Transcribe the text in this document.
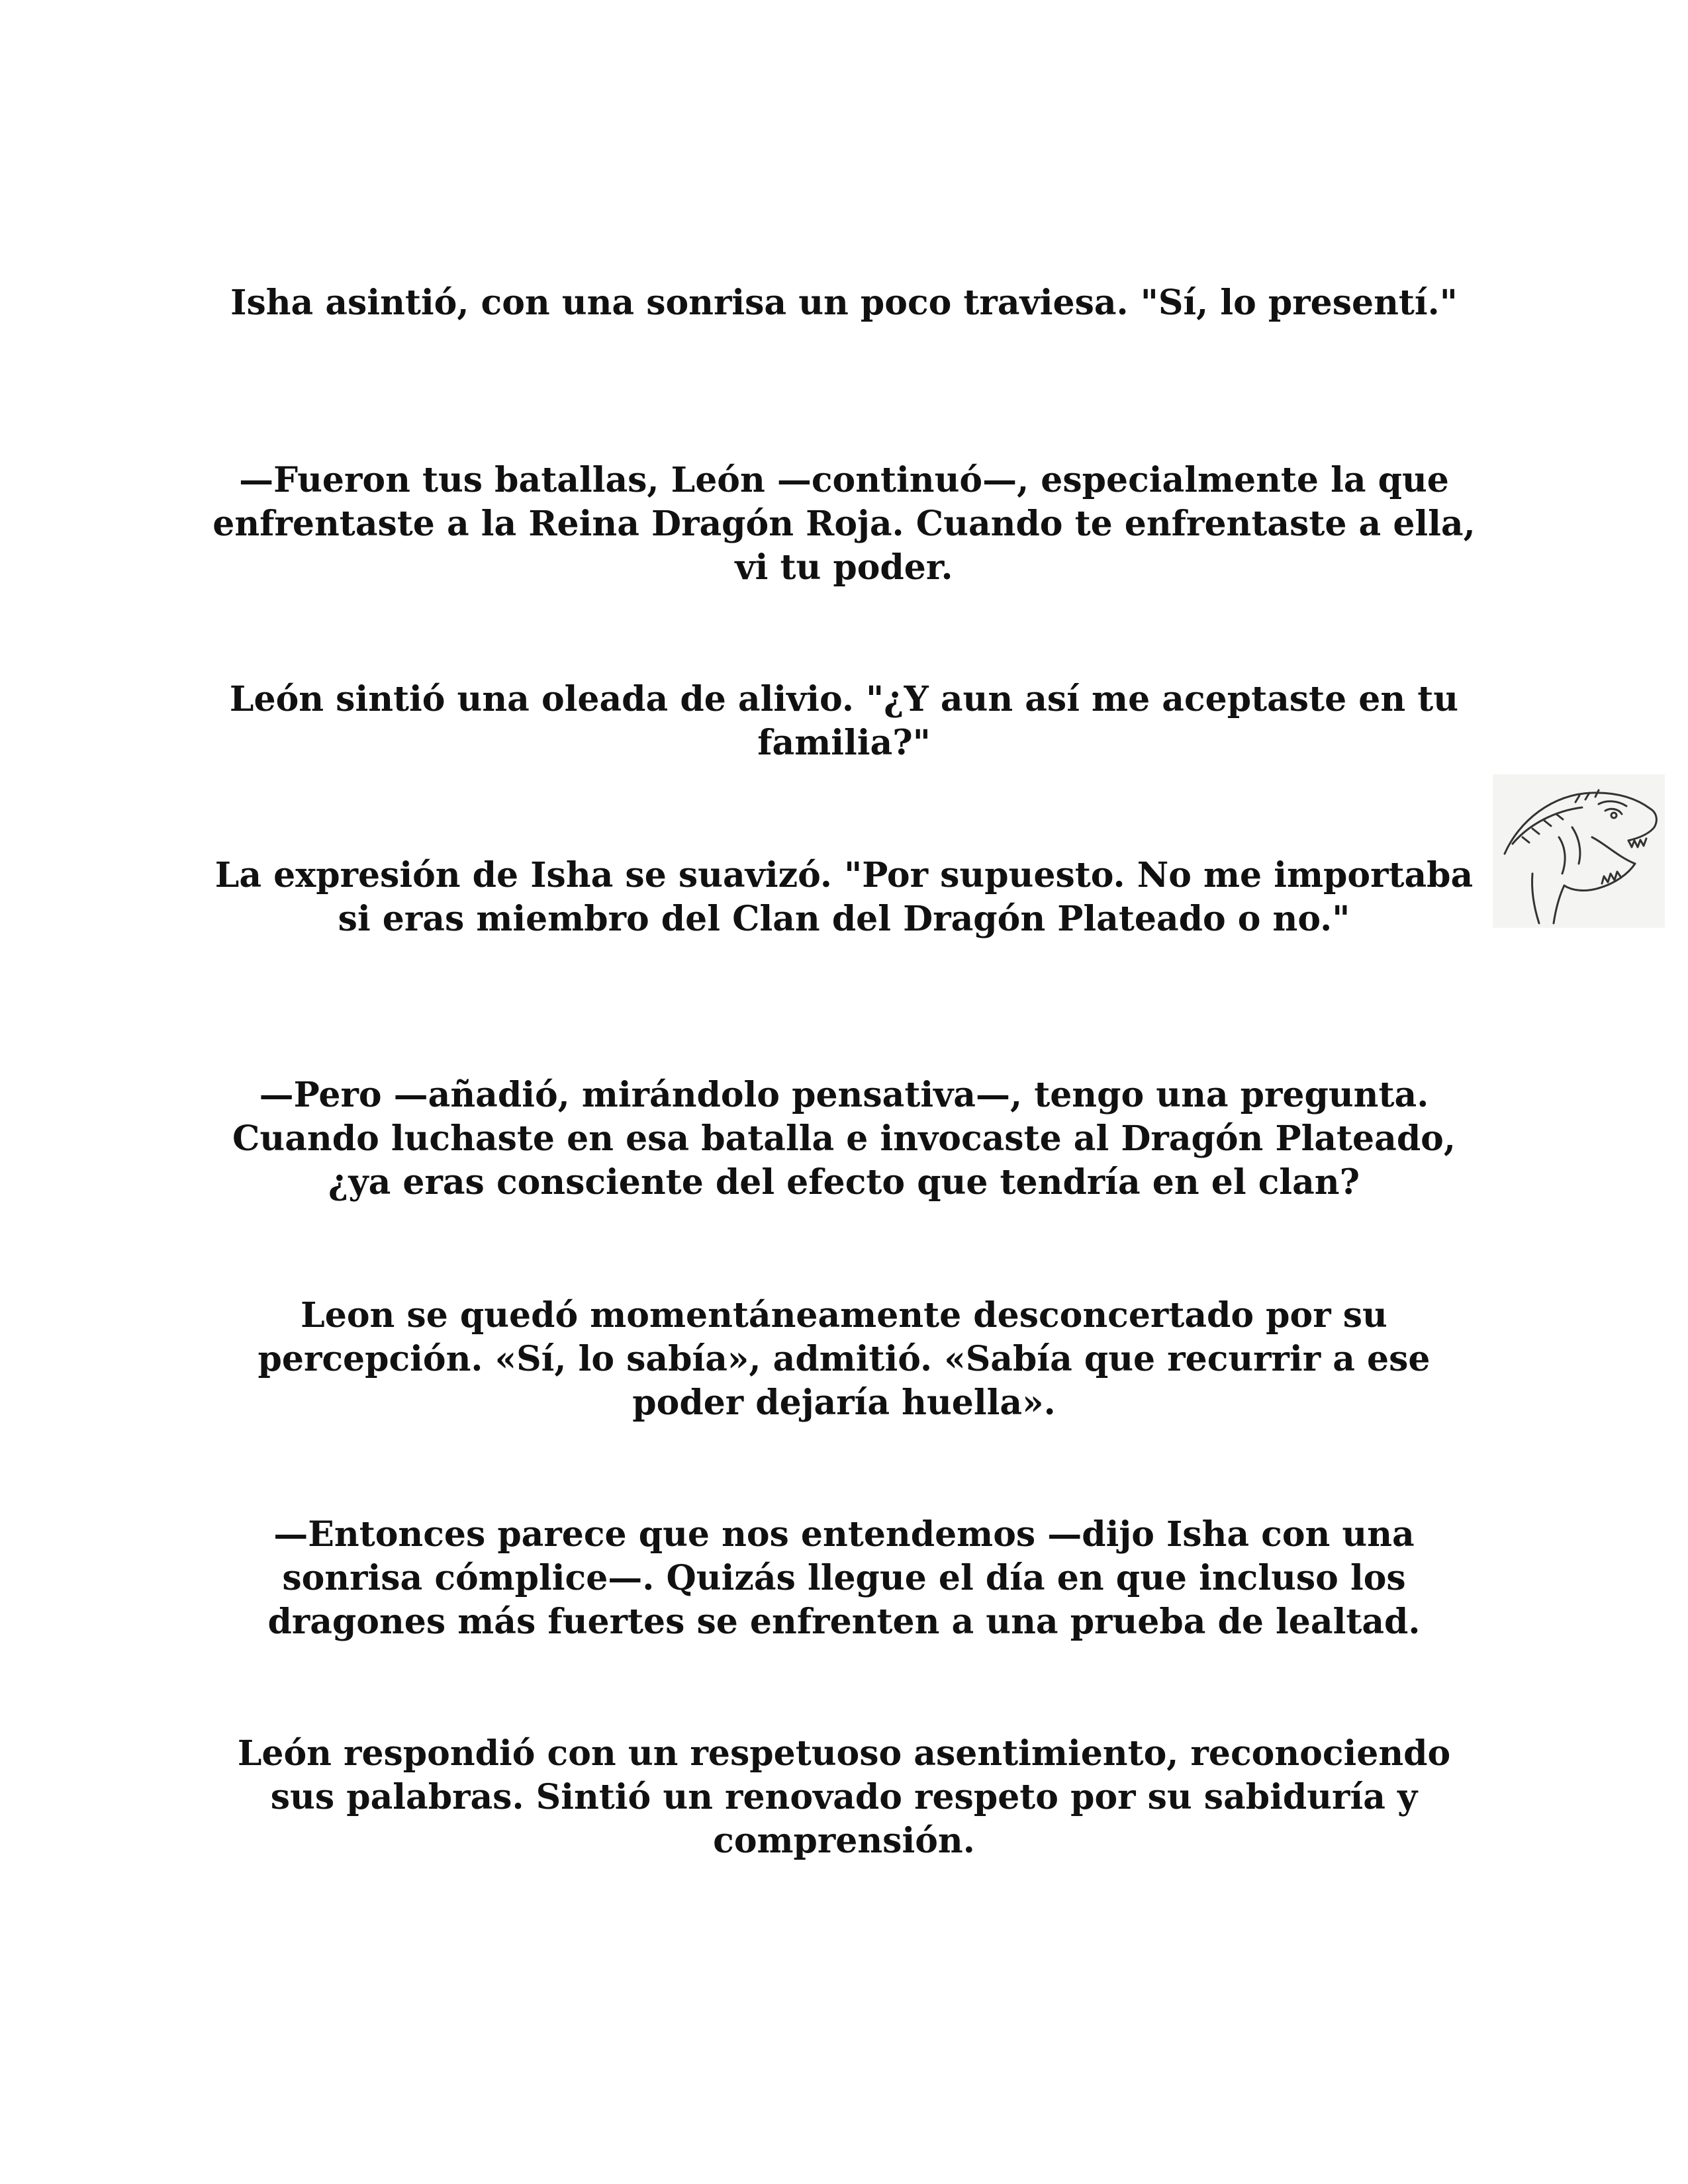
Isha asintió, con una sonrisa un poco traviesa. "Sí, lo presentí."

—Fueron tus batallas, León —continuó—, especialmente la que enfrentaste a la Reina Dragón Roja. Cuando te enfrentaste a ella, vi tu poder.

León sintió una oleada de alivio. "¿Y aun así me aceptaste en tu familia?"

La expresión de Isha se suavizó. "Por supuesto. No me importaba si eras miembro del Clan del Dragón Plateado o no."

—Pero —añadió, mirándolo pensativa—, tengo una pregunta. Cuando luchaste en esa batalla e invocaste al Dragón Plateado, ¿ya eras consciente del efecto que tendría en el clan?

Leon se quedó momentáneamente desconcertado por su percepción. «Sí, lo sabía», admitió. «Sabía que recurrir a ese poder dejaría huella».

—Entonces parece que nos entendemos —dijo Isha con una sonrisa cómplice—. Quizás llegue el día en que incluso los dragones más fuertes se enfrenten a una prueba de lealtad.

León respondió con un respetuoso asentimiento, reconociendo sus palabras. Sintió un renovado respeto por su sabiduría y comprensión.
